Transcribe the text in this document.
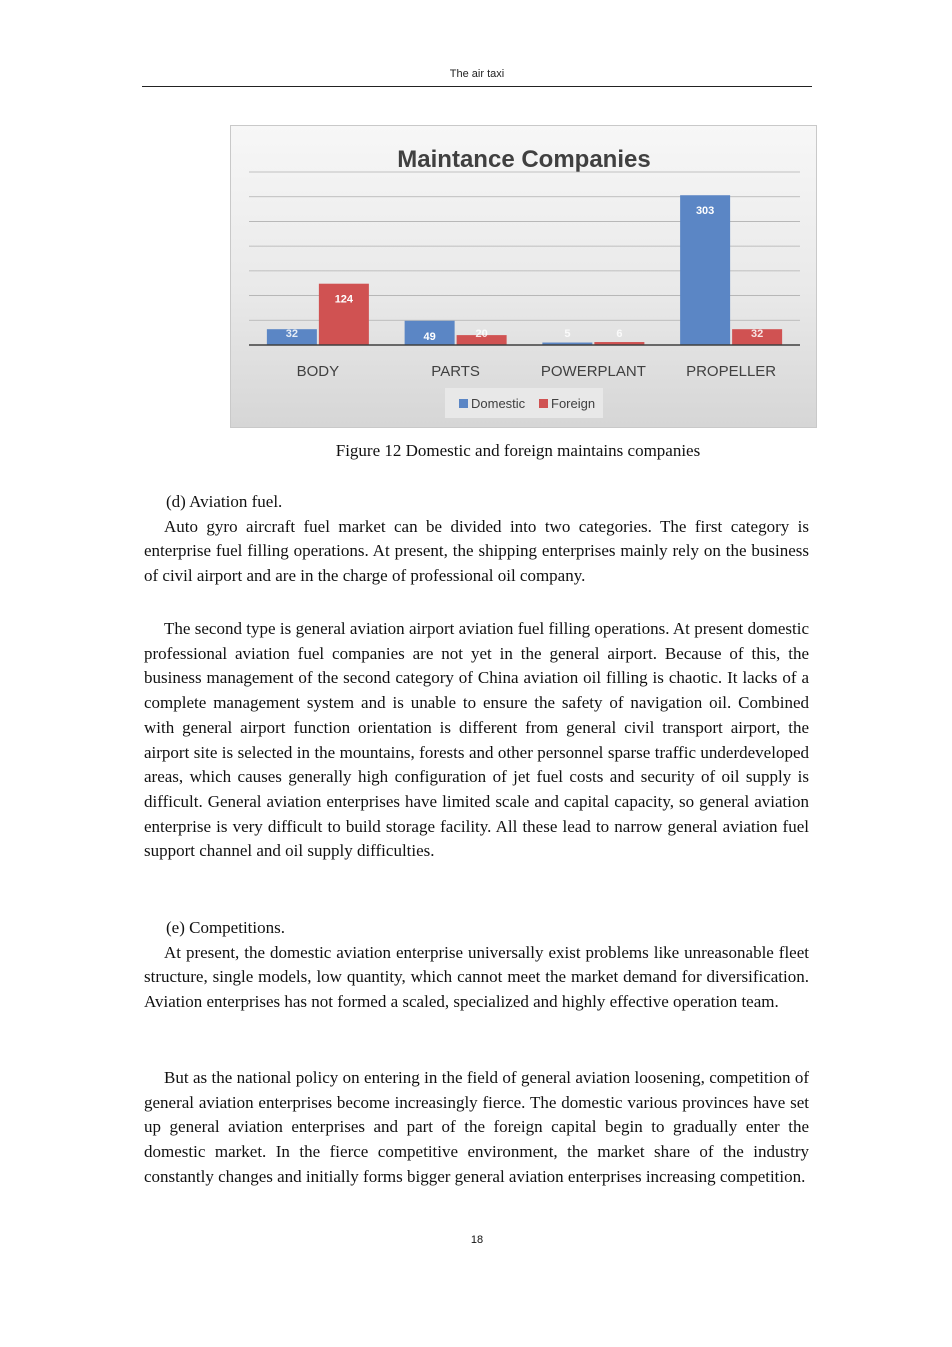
The air taxi
Maintance Companies
32
124
BODY
49	20
PARTS
5	6
POWERPLANT
303
32
PROPELLER
Domestic Foreign
Figure 12 Domestic and foreign maintains companies

(d) Aviation fuel.

Auto gyro aircraft fuel market can be divided into two categories. The first category is enterprise fuel filling operations. At present, the shipping enterprises mainly rely on the business of civil airport and are in the charge of professional oil company.

The second type is general aviation airport aviation fuel filling operations. At present domestic professional aviation fuel companies are not yet in the general airport. Because of this, the business management of the second category of China aviation oil filling is chaotic. It lacks of a complete management system and is unable to ensure the safety of navigation oil. Combined with general airport function orientation is different from general civil transport airport, the airport site is selected in the mountains, forests and other personnel sparse traffic underdeveloped areas, which causes generally high configuration of jet fuel costs and security of oil supply is difficult. General aviation enterprises have limited scale and capital capacity, so general aviation enterprise is very difficult to build storage facility. All these lead to narrow general aviation fuel support channel and oil supply difficulties.

(e) Competitions.

At present, the domestic aviation enterprise universally exist problems like unreasonable fleet structure, single models, low quantity, which cannot meet the market demand for diversification. Aviation enterprises has not formed a scaled, specialized and highly effective operation team.

But as the national policy on entering in the field of general aviation loosening, competition of general aviation enterprises become increasingly fierce. The domestic various provinces have set up general aviation enterprises and part of the foreign capital begin to gradually enter the domestic market. In the fierce competitive environment, the market share of the industry constantly changes and initially forms bigger general aviation enterprises increasing competition.

18
